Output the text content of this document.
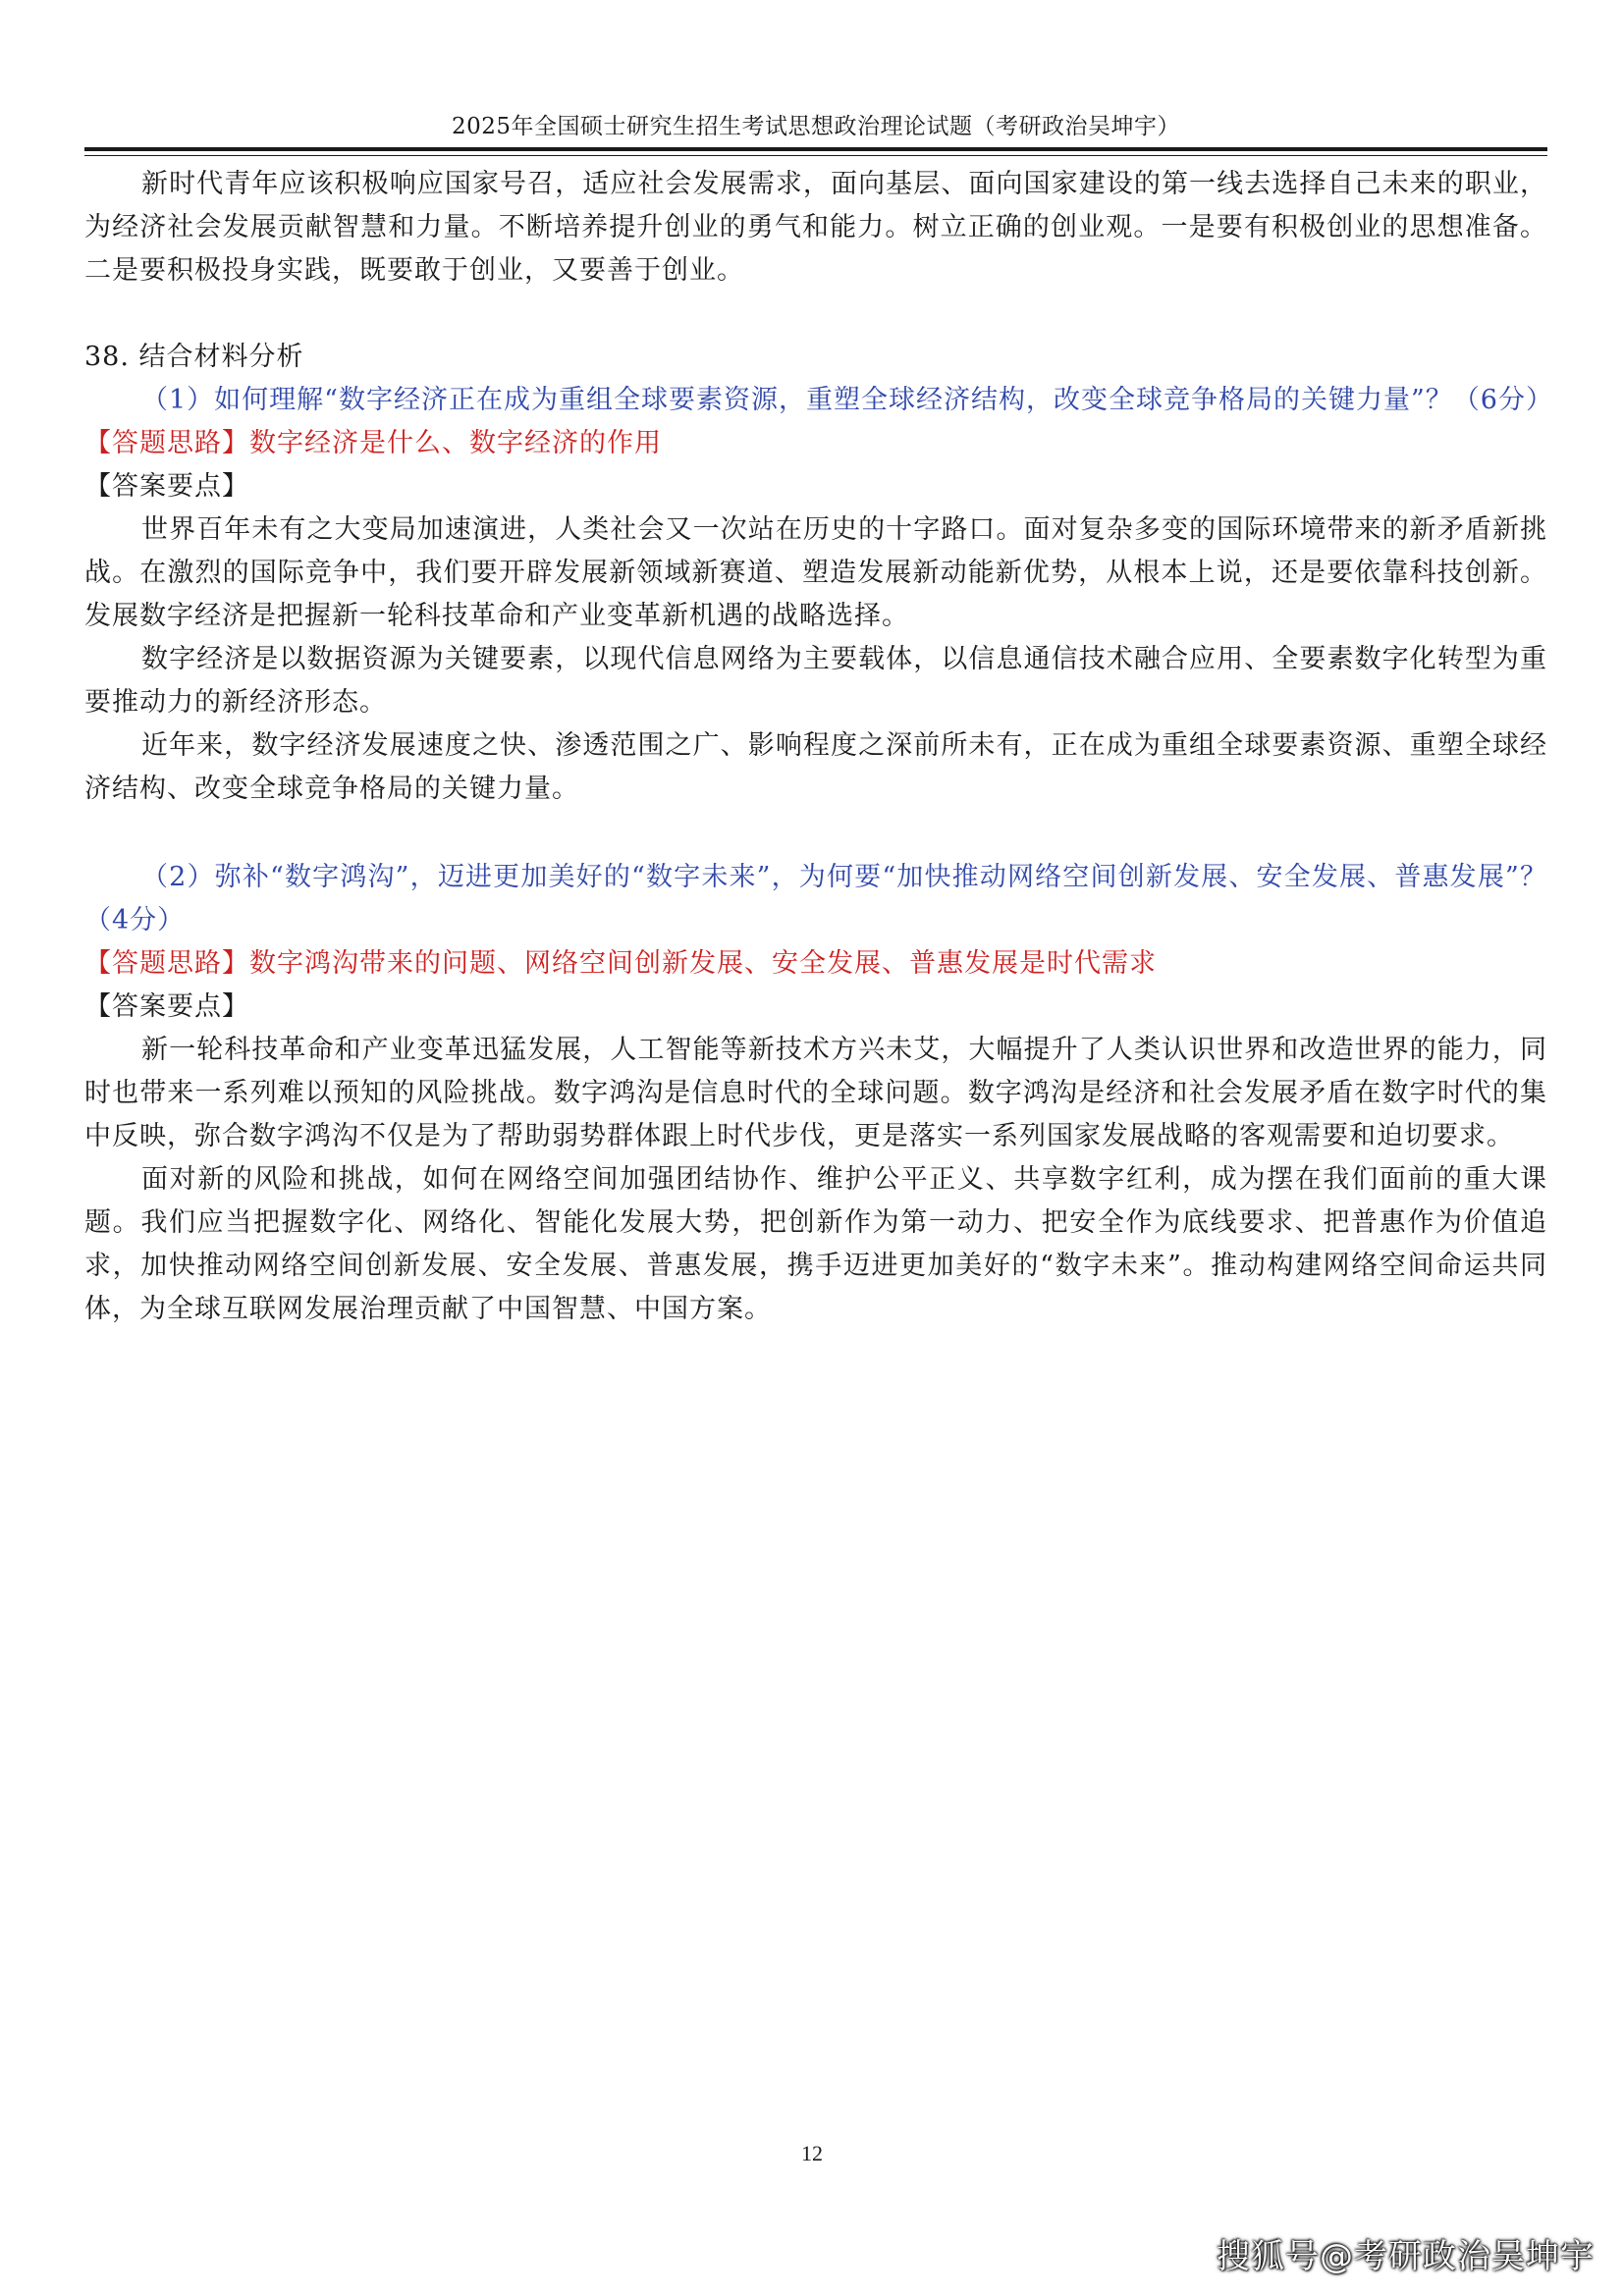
2025年全国硕士研究生招生考试思想政治理论试题（考研政治吴坤宇）

新时代青年应该积极响应国家号召，适应社会发展需求，面向基层、面向国家建设的第一线去选择自己未来的职业，为经济社会发展贡献智慧和力量。不断培养提升创业的勇气和能力。树立正确的创业观。一是要有积极创业的思想准备。二是要积极投身实践，既要敢于创业，又要善于创业。

38. 结合材料分析

（1）如何理解“数字经济正在成为重组全球要素资源，重塑全球经济结构，改变全球竞争格局的关键力量”？（6分）

【答题思路】数字经济是什么、数字经济的作用

【答案要点】

世界百年未有之大变局加速演进，人类社会又一次站在历史的十字路口。面对复杂多变的国际环境带来的新矛盾新挑战。在激烈的国际竞争中，我们要开辟发展新领域新赛道、塑造发展新动能新优势，从根本上说，还是要依靠科技创新。发展数字经济是把握新一轮科技革命和产业变革新机遇的战略选择。

数字经济是以数据资源为关键要素，以现代信息网络为主要载体，以信息通信技术融合应用、全要素数字化转型为重要推动力的新经济形态。

近年来，数字经济发展速度之快、渗透范围之广、影响程度之深前所未有，正在成为重组全球要素资源、重塑全球经济结构、改变全球竞争格局的关键力量。

（2）弥补“数字鸿沟”，迈进更加美好的“数字未来”，为何要“加快推动网络空间创新发展、安全发展、普惠发展”？（4分）

【答题思路】数字鸿沟带来的问题、网络空间创新发展、安全发展、普惠发展是时代需求

【答案要点】

新一轮科技革命和产业变革迅猛发展，人工智能等新技术方兴未艾，大幅提升了人类认识世界和改造世界的能力，同时也带来一系列难以预知的风险挑战。数字鸿沟是信息时代的全球问题。数字鸿沟是经济和社会发展矛盾在数字时代的集中反映，弥合数字鸿沟不仅是为了帮助弱势群体跟上时代步伐，更是落实一系列国家发展战略的客观需要和迫切要求。

面对新的风险和挑战，如何在网络空间加强团结协作、维护公平正义、共享数字红利，成为摆在我们面前的重大课题。我们应当把握数字化、网络化、智能化发展大势，把创新作为第一动力、把安全作为底线要求、把普惠作为价值追求，加快推动网络空间创新发展、安全发展、普惠发展，携手迈进更加美好的“数字未来”。推动构建网络空间命运共同体，为全球互联网发展治理贡献了中国智慧、中国方案。

12
搜狐号@考研政治吴坤宇
